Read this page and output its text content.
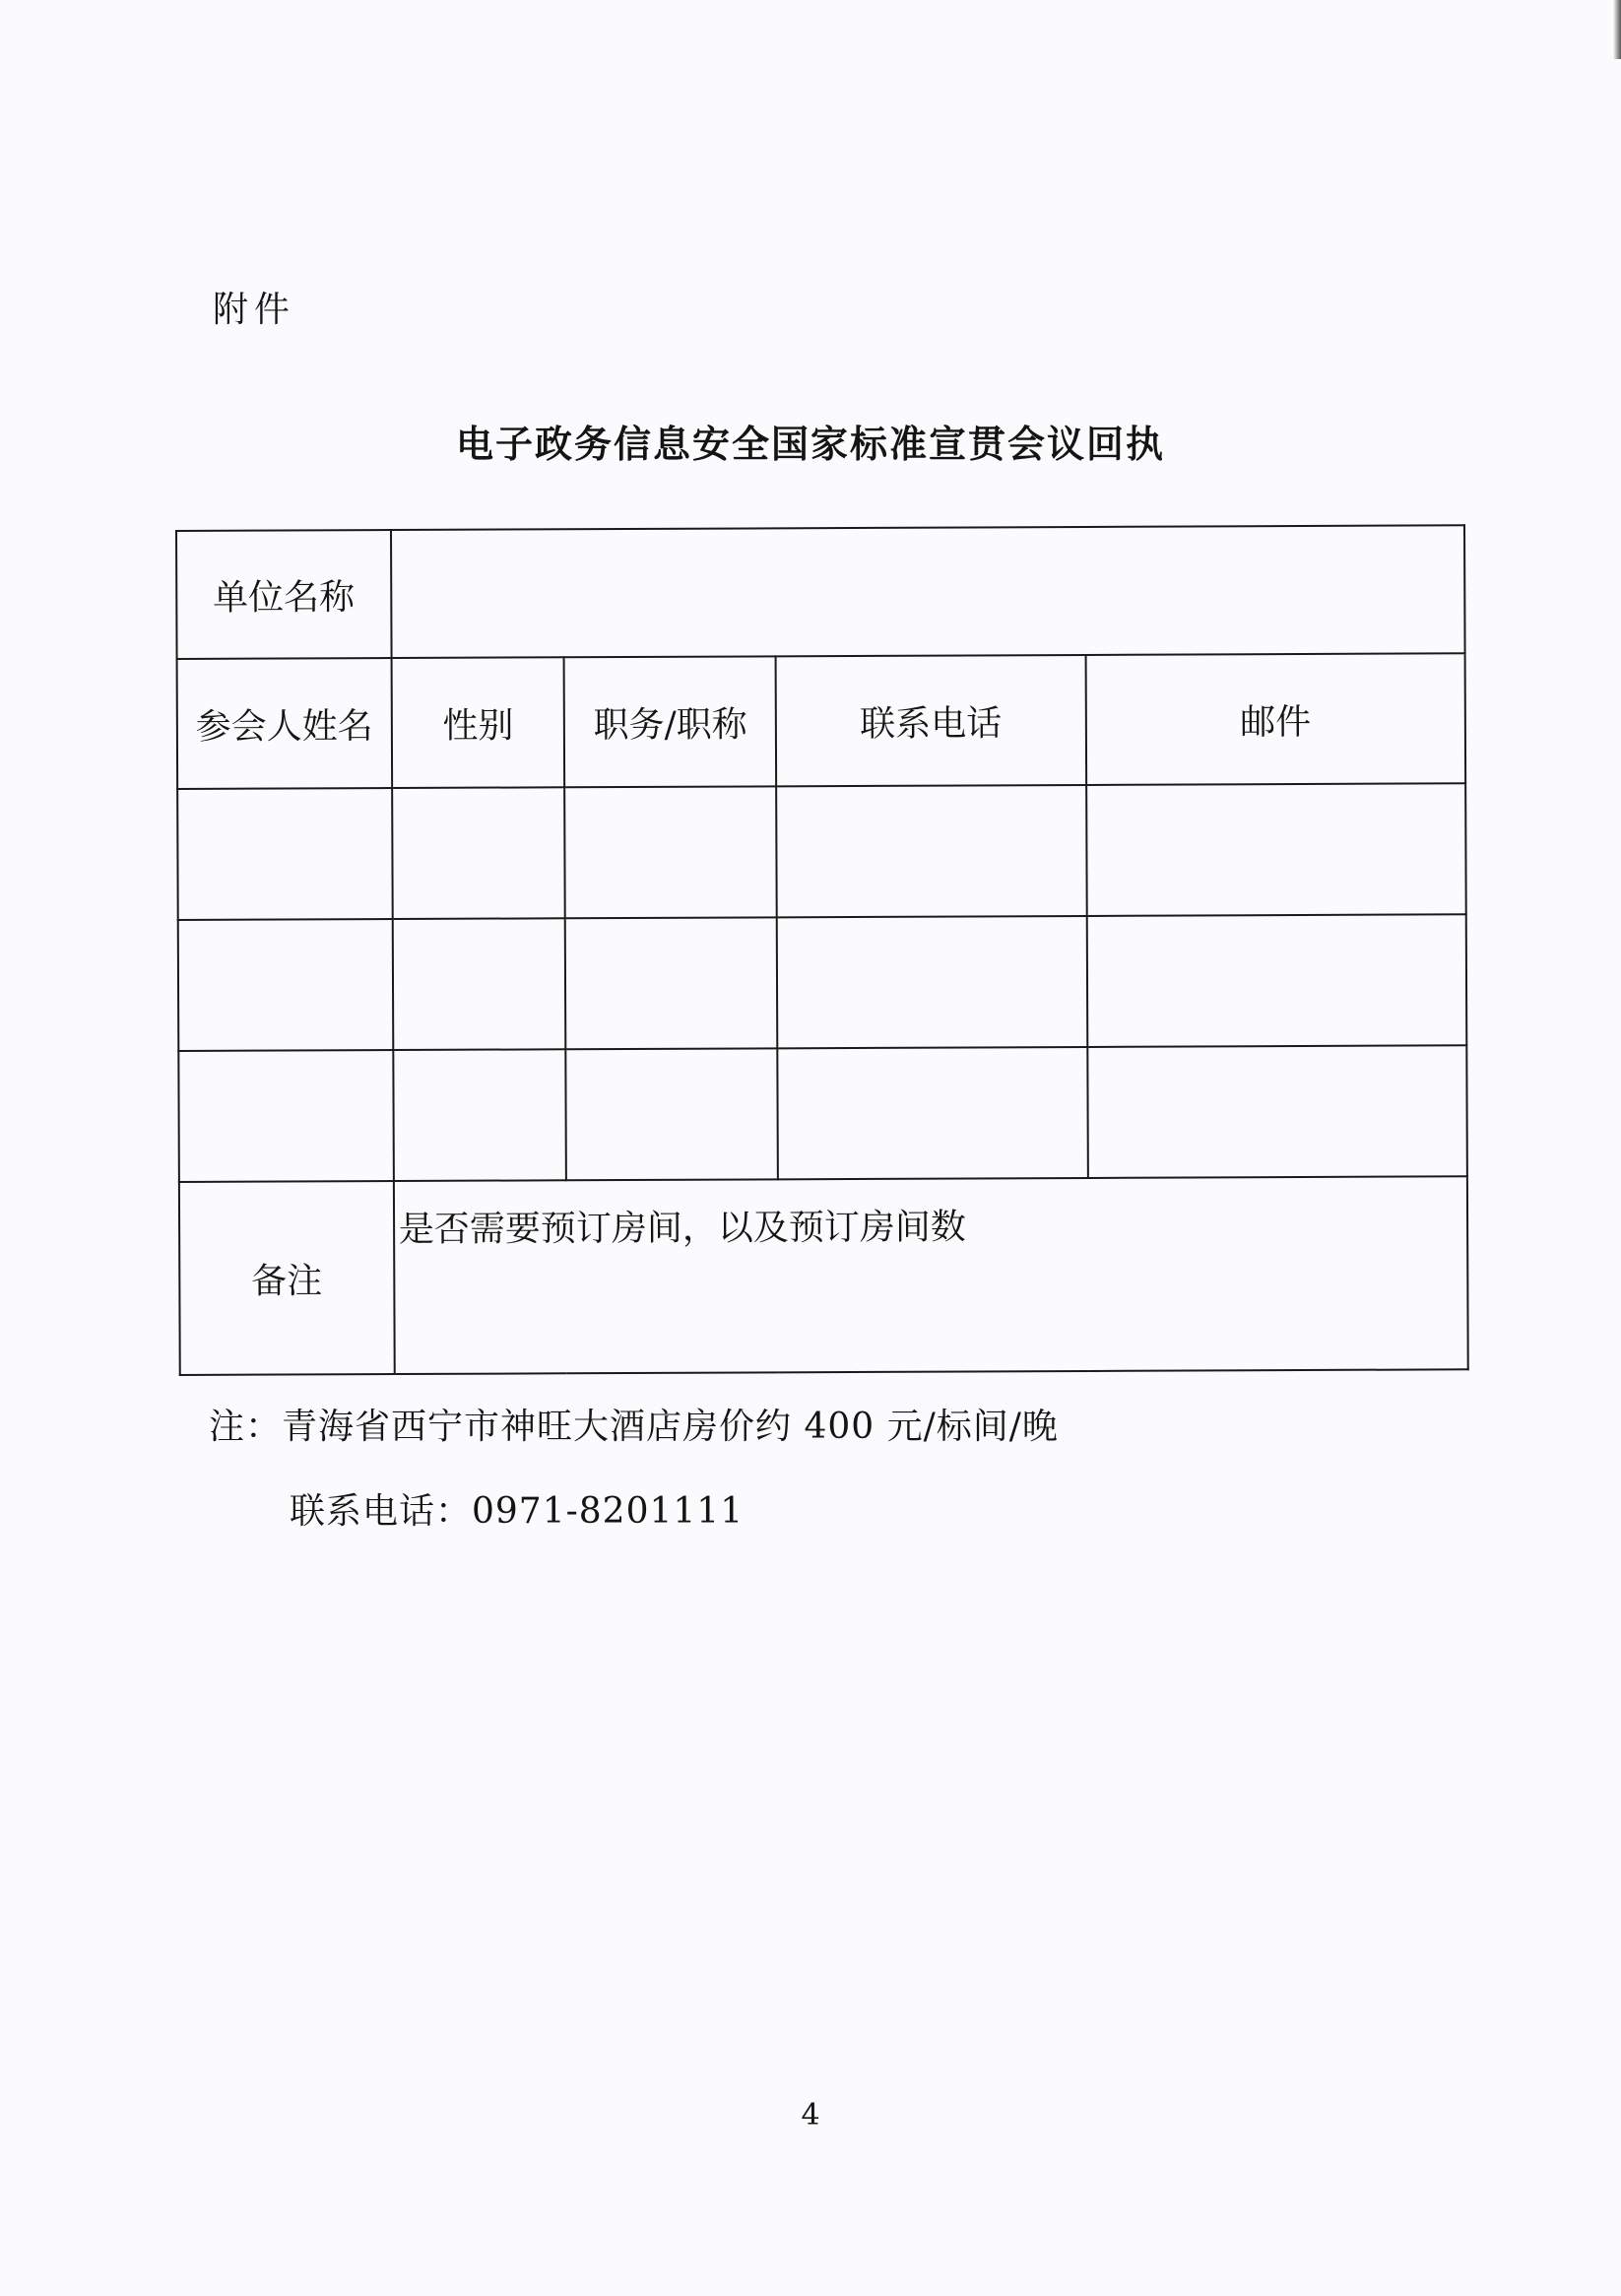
附件
电子政务信息安全国家标准宣贯会议回执
单位名称				
参会人姓名	性别	职务/职称	联系电话	邮件

备注	是否需要预订房间，以及预订房间数			
注：青海省西宁市神旺大酒店房价约 400 元/标间/晚
联系电话：0971-8201111
4
